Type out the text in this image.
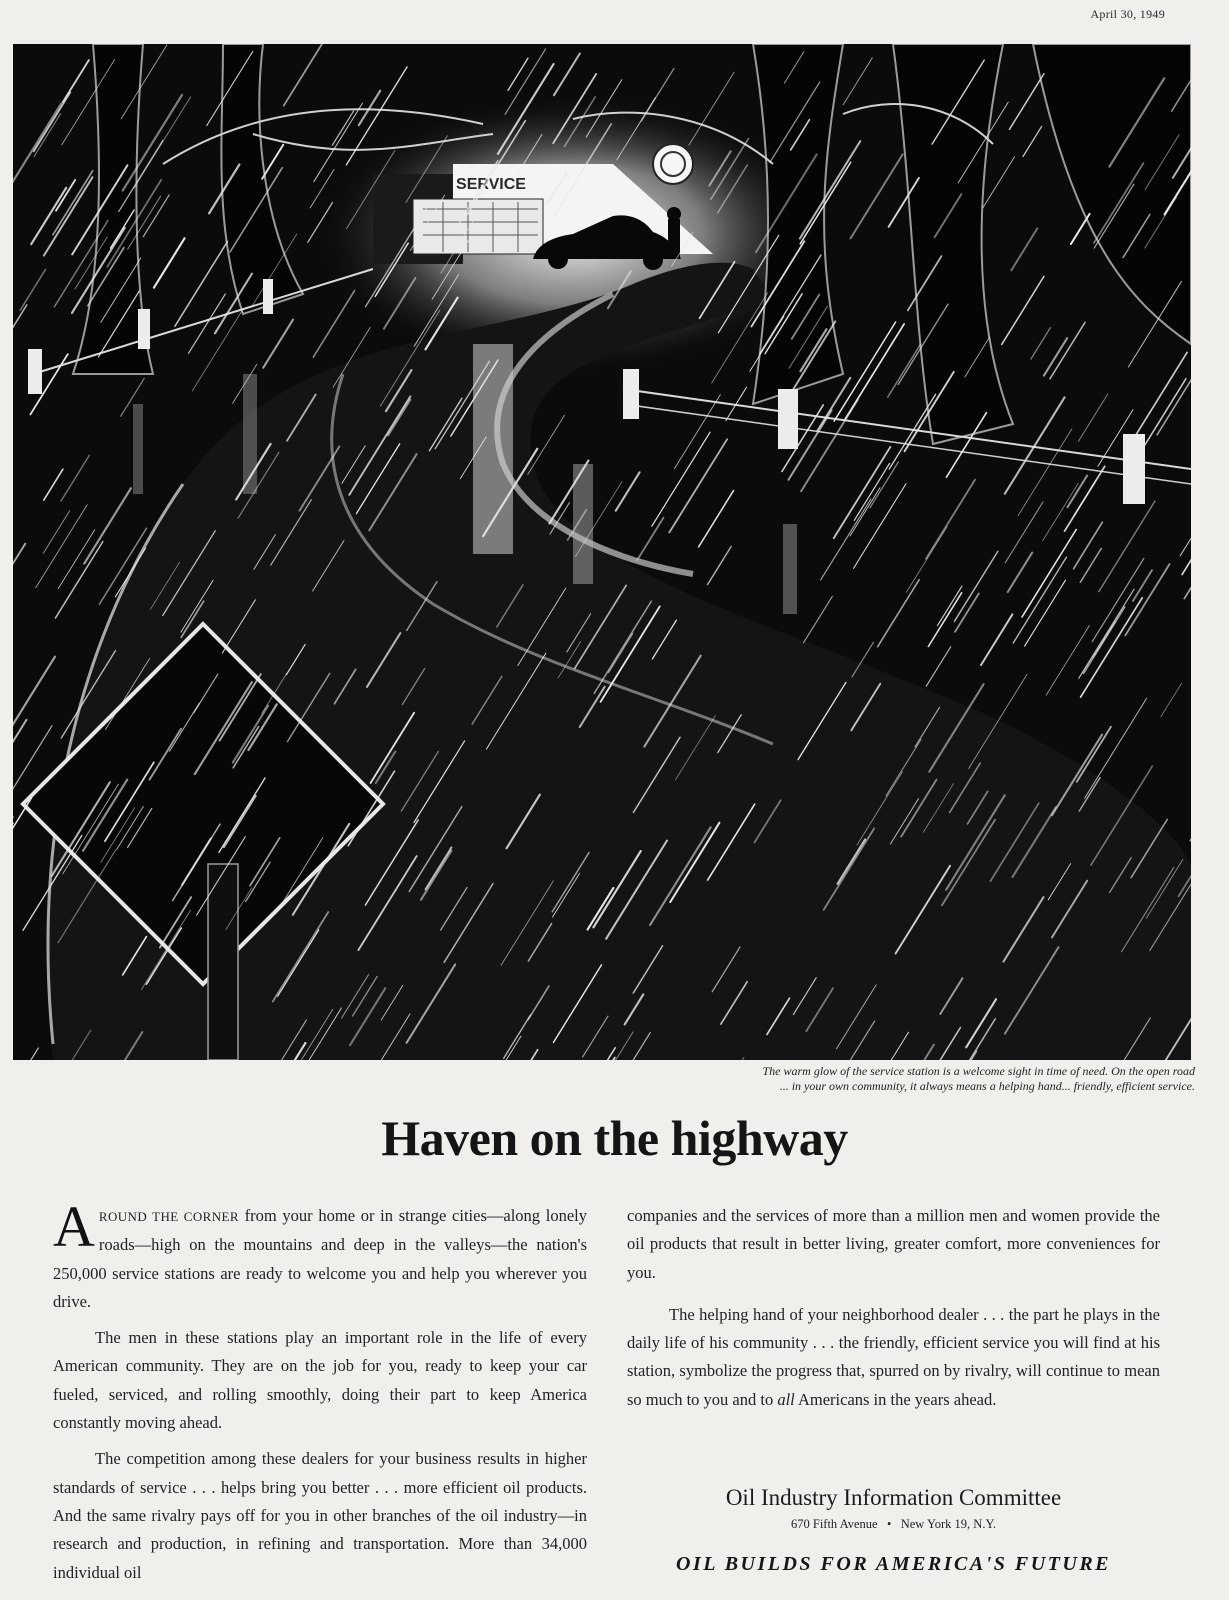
April 30, 1949
SERVICE
The warm glow of the service station is a welcome sight in time of need. On the open road
... in your own community, it always means a helping hand... friendly, efficient service.
Haven on the highway

AROUND THE CORNER from your home or in strange cities—along lonely roads—high on the mountains and deep in the valleys—the nation's 250,000 service stations are ready to welcome you and help you wherever you drive.

The men in these stations play an important role in the life of every American community. They are on the job for you, ready to keep your car fueled, serviced, and rolling smoothly, doing their part to keep America constantly moving ahead.

The competition among these dealers for your business results in higher standards of service . . . helps bring you better . . . more efficient oil products. And the same rivalry pays off for you in other branches of the oil industry—in research and production, in refining and transportation. More than 34,000 individual oil

companies and the services of more than a million men and women provide the oil products that result in better living, greater comfort, more conveniences for you.

The helping hand of your neighborhood dealer . . . the part he plays in the daily life of his community . . . the friendly, efficient service you will find at his station, symbolize the progress that, spurred on by rivalry, will continue to mean so much to you and to all Americans in the years ahead.

Oil Industry Information Committee
670 Fifth Avenue • New York 19, N.Y.
OIL BUILDS FOR AMERICA'S FUTURE
